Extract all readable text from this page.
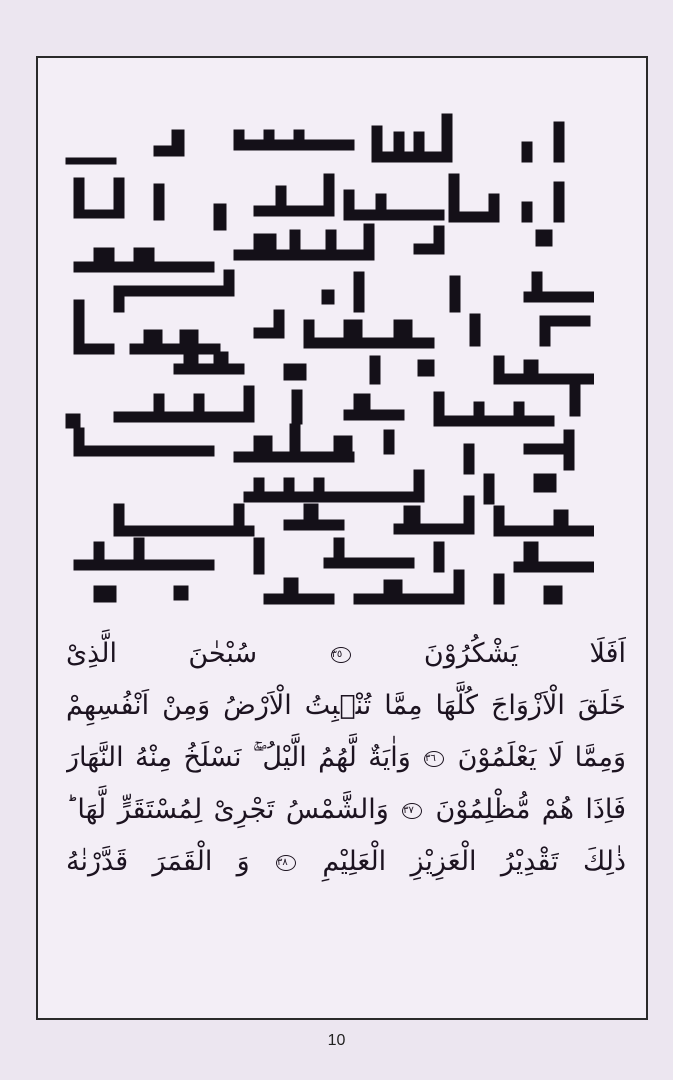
اَفَلَا يَشْكُرُوْنَ ٣٥ سُبْحٰنَ الَّذِیْ
خَلَقَ الْاَزْوَاجَ كُلَّهَا مِمَّا تُنْۢبِتُ الْاَرْضُ وَمِنْ اَنْفُسِهِمْ
وَمِمَّا لَا یَعْلَمُوْنَ ٣٦ وَاٰیَةٌ لَّهُمُ الَّیْلُ ۖۚ نَسْلَخُ مِنْهُ النَّهَارَ
فَاِذَا هُمْ مُّظْلِمُوْنَ ٣٧ وَالشَّمْسُ تَجْرِیْ لِمُسْتَقَرٍّ لَّهَا ؕ
ذٰلِكَ تَقْدِیْرُ الْعَزِیْزِ الْعَلِیْمِ ٣٨ وَ الْقَمَرَ قَدَّرْنٰهُ
10
